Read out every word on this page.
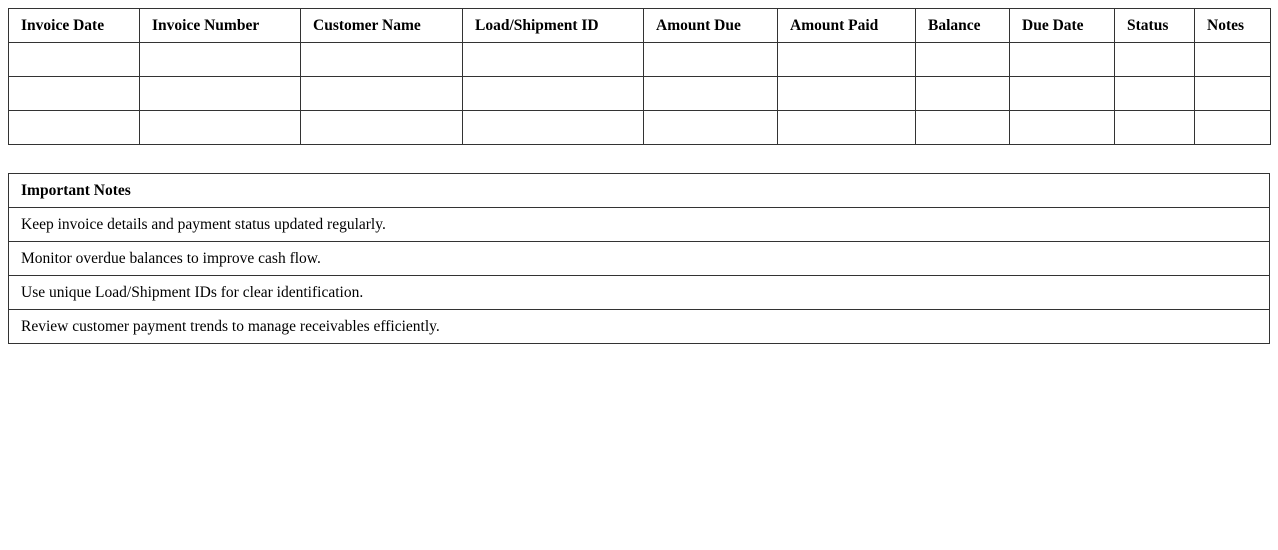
Invoice Date	Invoice Number	Customer Name	Load/Shipment ID	Amount Due	Amount Paid	Balance	Due Date	Status	Notes

Important Notes
Keep invoice details and payment status updated regularly.
Monitor overdue balances to improve cash flow.
Use unique Load/Shipment IDs for clear identification.
Review customer payment trends to manage receivables efficiently.
